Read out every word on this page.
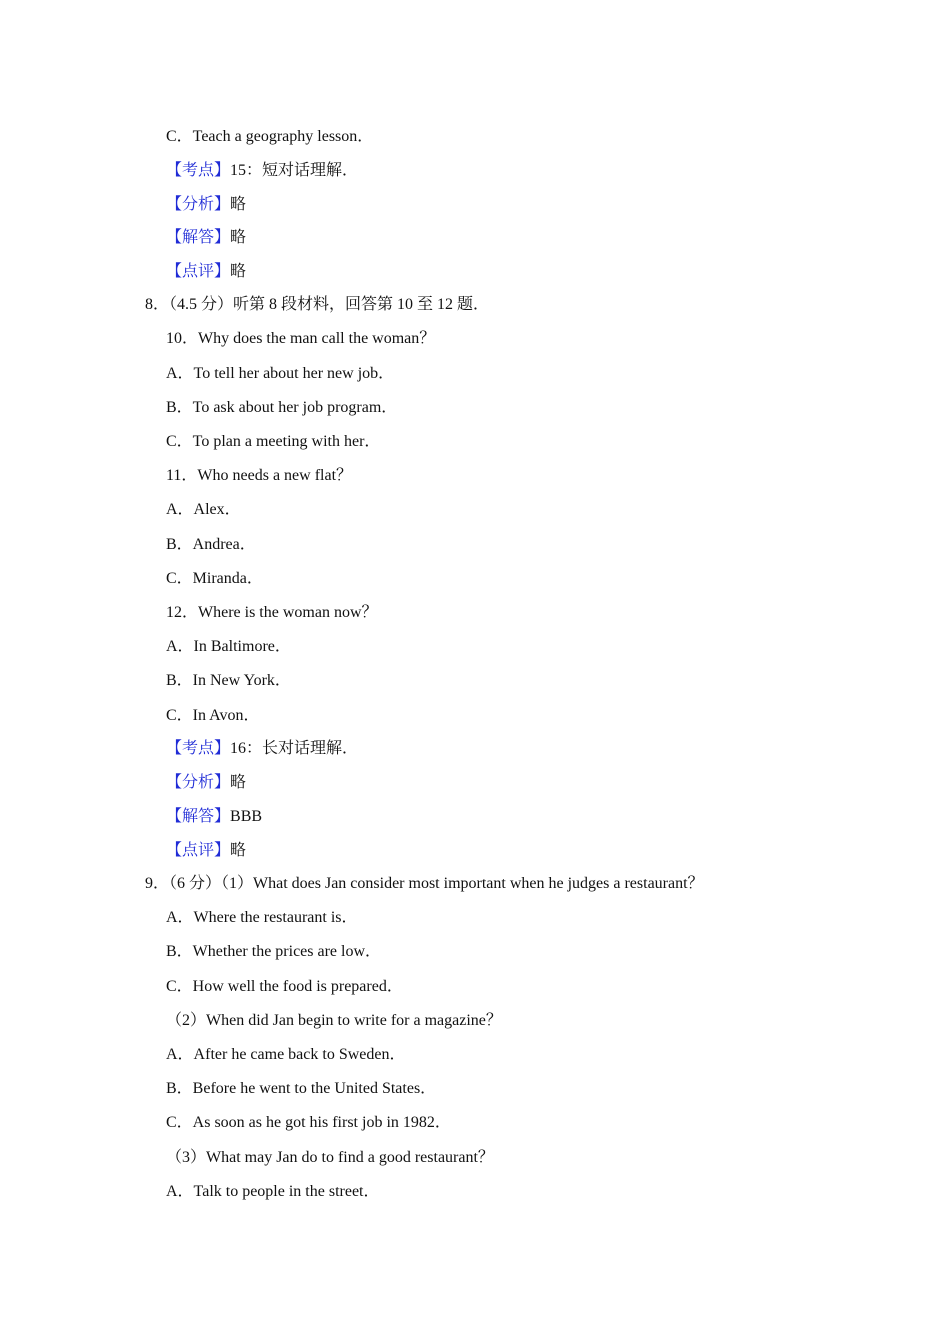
C．Teach a geography lesson．
【考点】15：短对话理解．
【分析】略
【解答】略
【点评】略
8．（4.5 分）听第 8 段材料，回答第 10 至 12 题．
10．Why does the man call the woman？
A．To tell her about her new job．
B．To ask about her job program．
C．To plan a meeting with her．
11．Who needs a new flat？
A．Alex．
B．Andrea．
C．Miranda．
12．Where is the woman now？
A．In Baltimore．
B．In New York．
C．In Avon．
【考点】16：长对话理解．
【分析】略
【解答】BBB
【点评】略
9．（6 分）（1）What does Jan consider most important when he judges a restaurant？
A．Where the restaurant is．
B．Whether the prices are low．
C．How well the food is prepared．
（2）When did Jan begin to write for a magazine？
A．After he came back to Sweden．
B．Before he went to the United States．
C．As soon as he got his first job in 1982．
（3）What may Jan do to find a good restaurant？
A．Talk to people in the street．
